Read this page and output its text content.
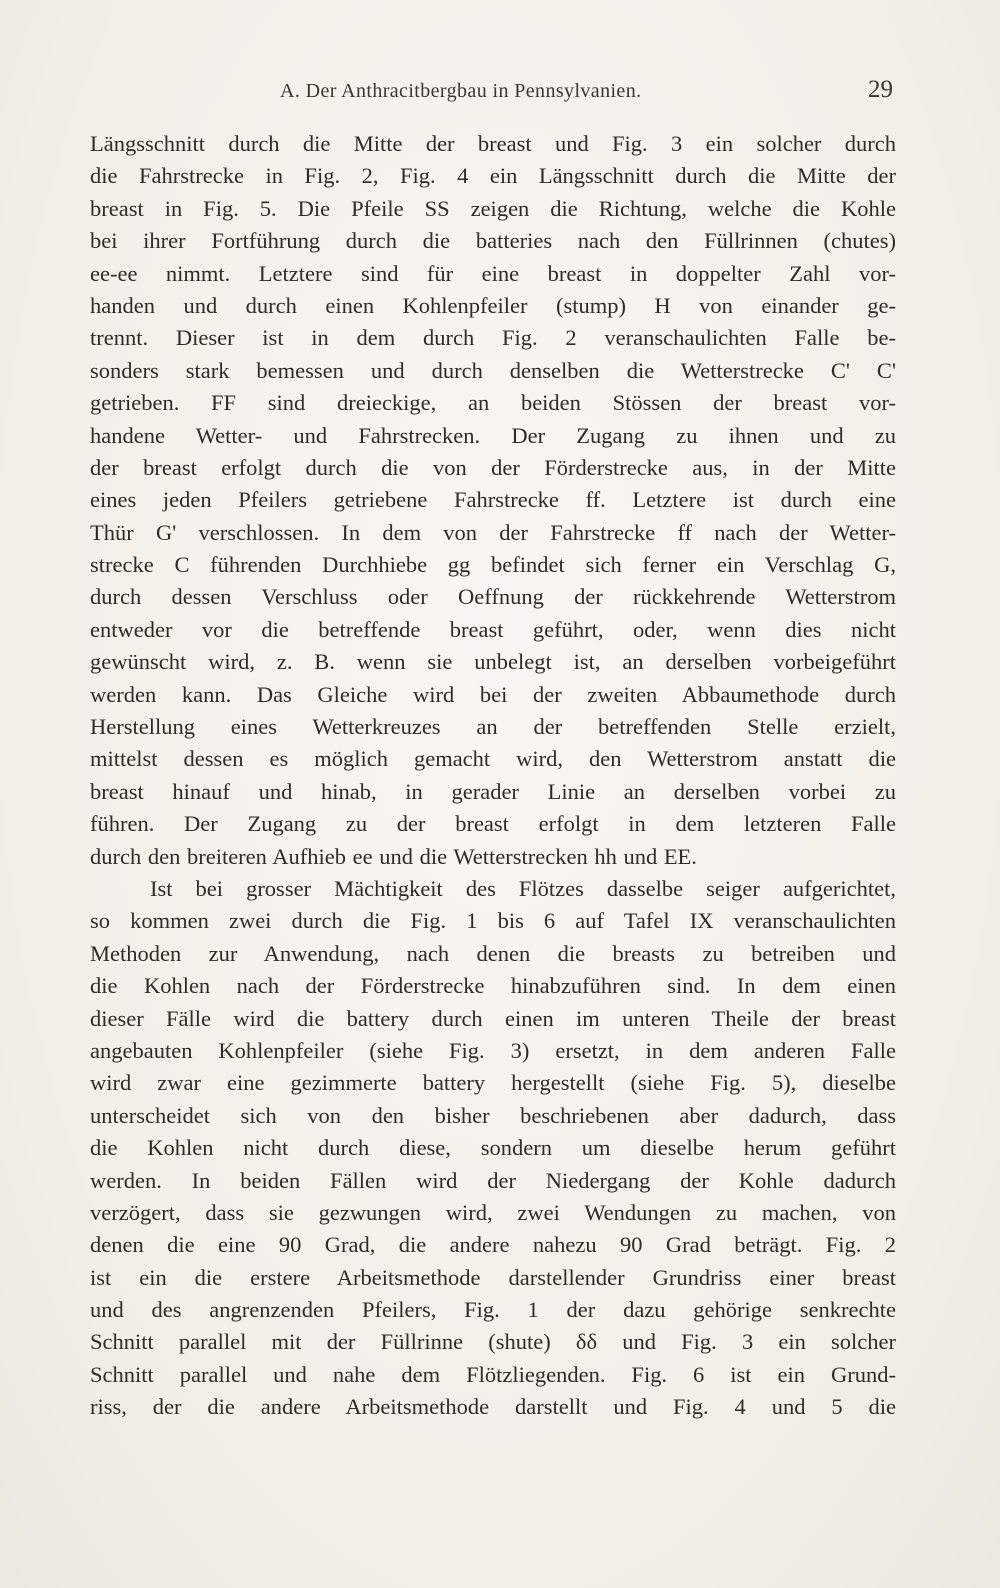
A. Der Anthracitbergbau in Pennsylvanien.	29
Längsschnitt durch die Mitte der breast und Fig. 3 ein solcher durch
die Fahrstrecke in Fig. 2, Fig. 4 ein Längsschnitt durch die Mitte der
breast in Fig. 5. Die Pfeile SS zeigen die Richtung, welche die Kohle
bei ihrer Fortführung durch die batteries nach den Füllrinnen (chutes)
ee-ee nimmt. Letztere sind für eine breast in doppelter Zahl vor-
handen und durch einen Kohlenpfeiler (stump) H von einander ge-
trennt. Dieser ist in dem durch Fig. 2 veranschaulichten Falle be-
sonders stark bemessen und durch denselben die Wetterstrecke C' C'
getrieben. FF sind dreieckige, an beiden Stössen der breast vor-
handene Wetter- und Fahrstrecken. Der Zugang zu ihnen und zu
der breast erfolgt durch die von der Förderstrecke aus, in der Mitte
eines jeden Pfeilers getriebene Fahrstrecke ff. Letztere ist durch eine
Thür G' verschlossen. In dem von der Fahrstrecke ff nach der Wetter-
strecke C führenden Durchhiebe gg befindet sich ferner ein Verschlag G,
durch dessen Verschluss oder Oeffnung der rückkehrende Wetterstrom
entweder vor die betreffende breast geführt, oder, wenn dies nicht
gewünscht wird, z. B. wenn sie unbelegt ist, an derselben vorbeigeführt
werden kann. Das Gleiche wird bei der zweiten Abbaumethode durch
Herstellung eines Wetterkreuzes an der betreffenden Stelle erzielt,
mittelst dessen es möglich gemacht wird, den Wetterstrom anstatt die
breast hinauf und hinab, in gerader Linie an derselben vorbei zu
führen. Der Zugang zu der breast erfolgt in dem letzteren Falle
durch den breiteren Aufhieb ee und die Wetterstrecken hh und EE.
Ist bei grosser Mächtigkeit des Flötzes dasselbe seiger aufgerichtet,
so kommen zwei durch die Fig. 1 bis 6 auf Tafel IX veranschaulichten
Methoden zur Anwendung, nach denen die breasts zu betreiben und
die Kohlen nach der Förderstrecke hinabzuführen sind. In dem einen
dieser Fälle wird die battery durch einen im unteren Theile der breast
angebauten Kohlenpfeiler (siehe Fig. 3) ersetzt, in dem anderen Falle
wird zwar eine gezimmerte battery hergestellt (siehe Fig. 5), dieselbe
unterscheidet sich von den bisher beschriebenen aber dadurch, dass
die Kohlen nicht durch diese, sondern um dieselbe herum geführt
werden. In beiden Fällen wird der Niedergang der Kohle dadurch
verzögert, dass sie gezwungen wird, zwei Wendungen zu machen, von
denen die eine 90 Grad, die andere nahezu 90 Grad beträgt. Fig. 2
ist ein die erstere Arbeitsmethode darstellender Grundriss einer breast
und des angrenzenden Pfeilers, Fig. 1 der dazu gehörige senkrechte
Schnitt parallel mit der Füllrinne (shute) δδ und Fig. 3 ein solcher
Schnitt parallel und nahe dem Flötzliegenden. Fig. 6 ist ein Grund-
riss, der die andere Arbeitsmethode darstellt und Fig. 4 und 5 die
